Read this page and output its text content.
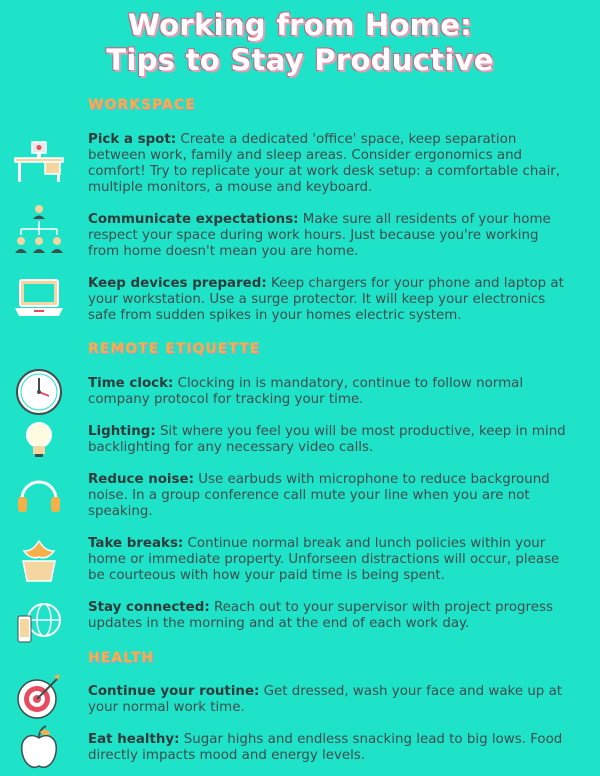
Working from Home:
Tips to Stay Productive
WORKSPACE
Pick a spot: Create a dedicated 'office' space, keep separation between work, family and sleep areas. Consider ergonomics and comfort! Try to replicate your at work desk setup: a comfortable chair, multiple monitors, a mouse and keyboard.
Communicate expectations: Make sure all residents of your home respect your space during work hours. Just because you're working from home doesn't mean you are home.
Keep devices prepared: Keep chargers for your phone and laptop at your workstation. Use a surge protector. It will keep your electronics safe from sudden spikes in your homes electric system.
REMOTE ETIQUETTE
Time clock: Clocking in is mandatory, continue to follow normal company protocol for tracking your time.
Lighting: Sit where you feel you will be most productive, keep in mind backlighting for any necessary video calls.
Reduce noise: Use earbuds with microphone to reduce background noise. In a group conference call mute your line when you are not speaking.
Take breaks: Continue normal break and lunch policies within your home or immediate property. Unforseen distractions will occur, please be courteous with how your paid time is being spent.
Stay connected: Reach out to your supervisor with project progress updates in the morning and at the end of each work day.
HEALTH
Continue your routine: Get dressed, wash your face and wake up at your normal work time.
Eat healthy: Sugar highs and endless snacking lead to big lows. Food directly impacts mood and energy levels.
